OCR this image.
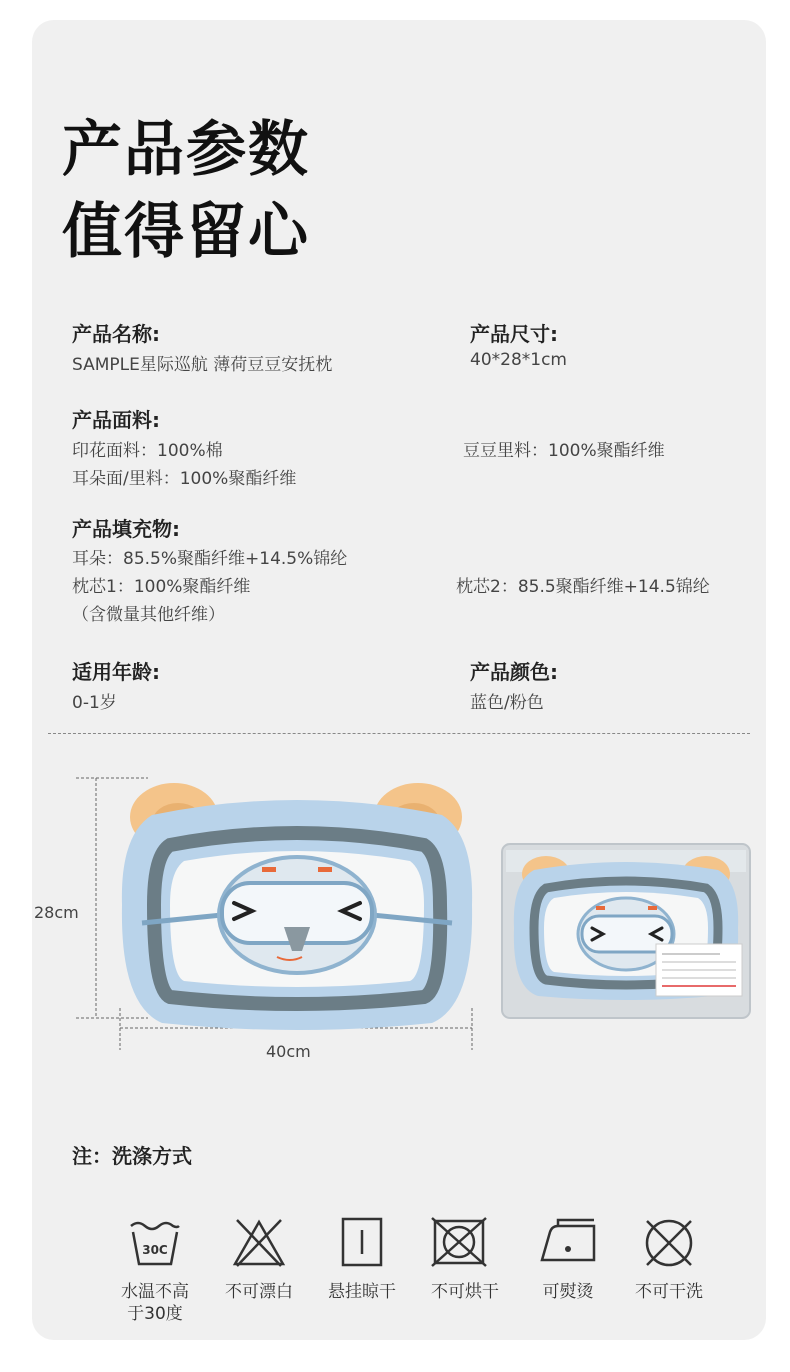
产品参数
值得留心
产品名称:
SAMPLE星际巡航 薄荷豆豆安抚枕
产品尺寸:
40*28*1cm
产品面料:
印花面料：100%棉	豆豆里料：100%聚酯纤维
耳朵面/里料：100%聚酯纤维
产品填充物:
耳朵：85.5%聚酯纤维+14.5%锦纶
枕芯1：100%聚酯纤维	枕芯2：85.5聚酯纤维+14.5锦纶
（含微量其他纤维）
适用年龄:
0-1岁
产品颜色:
蓝色/粉色
28cm
40cm
注：洗涤方式
30C
水温不高
于30度
不可漂白	悬挂晾干	不可烘干	可熨烫	不可干洗
